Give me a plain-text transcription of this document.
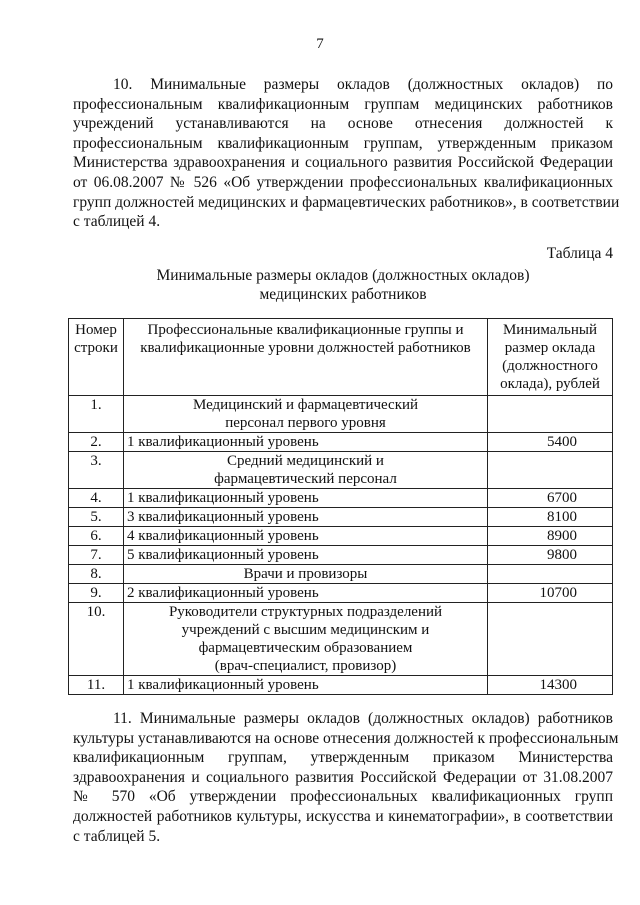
7

10. Минимальные размеры окладов (должностных окладов) по
профессиональным квалификационным группам медицинских работников
учреждений устанавливаются на основе отнесения должностей к
профессиональным квалификационным группам, утвержденным приказом
Министерства здравоохранения и социального развития Российской Федерации
от 06.08.2007 № 526 «Об утверждении профессиональных квалификационных
групп должностей медицинских и фармацевтических работников», в соответствии
с таблицей 4.

Таблица 4
Минимальные размеры окладов (должностных окладов)
медицинских работников
Номер
строки	Профессиональные квалификационные группы и
квалификационные уровни должностей работников	Минимальный
размер оклада
(должностного
оклада), рублей

1.	Медицинский и фармацевтический
персонал первого уровня	

2.	1 квалификационный уровень	5400

3.	Средний медицинский и
фармацевтический персонал	

4.	1 квалификационный уровень	6700

5.	3 квалификационный уровень	8100

6.	4 квалификационный уровень	8900

7.	5 квалификационный уровень	9800

8.	Врачи и провизоры	

9.	2 квалификационный уровень	10700

10.	Руководители структурных подразделений
учреждений с высшим медицинским и
фармацевтическим образованием
(врач-специалист, провизор)	

11.	1 квалификационный уровень	14300

11. Минимальные размеры окладов (должностных окладов) работников
культуры устанавливаются на основе отнесения должностей к профессиональным
квалификационным группам, утвержденным приказом Министерства
здравоохранения и социального развития Российской Федерации от 31.08.2007
№ 570 «Об утверждении профессиональных квалификационных групп
должностей работников культуры, искусства и кинематографии», в соответствии
с таблицей 5.
